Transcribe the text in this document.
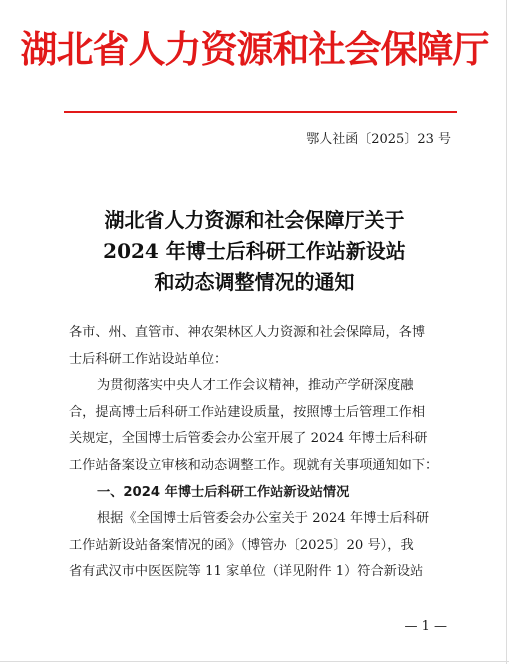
湖北省人力资源和社会保障厅
鄂人社函〔2025〕23 号
湖北省人力资源和社会保障厅关于
2024 年博士后科研工作站新设站
和动态调整情况的通知
各市、州、直管市、神农架林区人力资源和社会保障局，各博
士后科研工作站设站单位：
为贯彻落实中央人才工作会议精神，推动产学研深度融
合，提高博士后科研工作站建设质量，按照博士后管理工作相
关规定，全国博士后管委会办公室开展了 2024 年博士后科研
工作站备案设立审核和动态调整工作。现就有关事项通知如下：
一、2024 年博士后科研工作站新设站情况
根据《全国博士后管委会办公室关于 2024 年博士后科研
工作站新设站备案情况的函》（博管办〔2025〕20 号），我
省有武汉市中医医院等 11 家单位（详见附件 1）符合新设站
— 1 —
